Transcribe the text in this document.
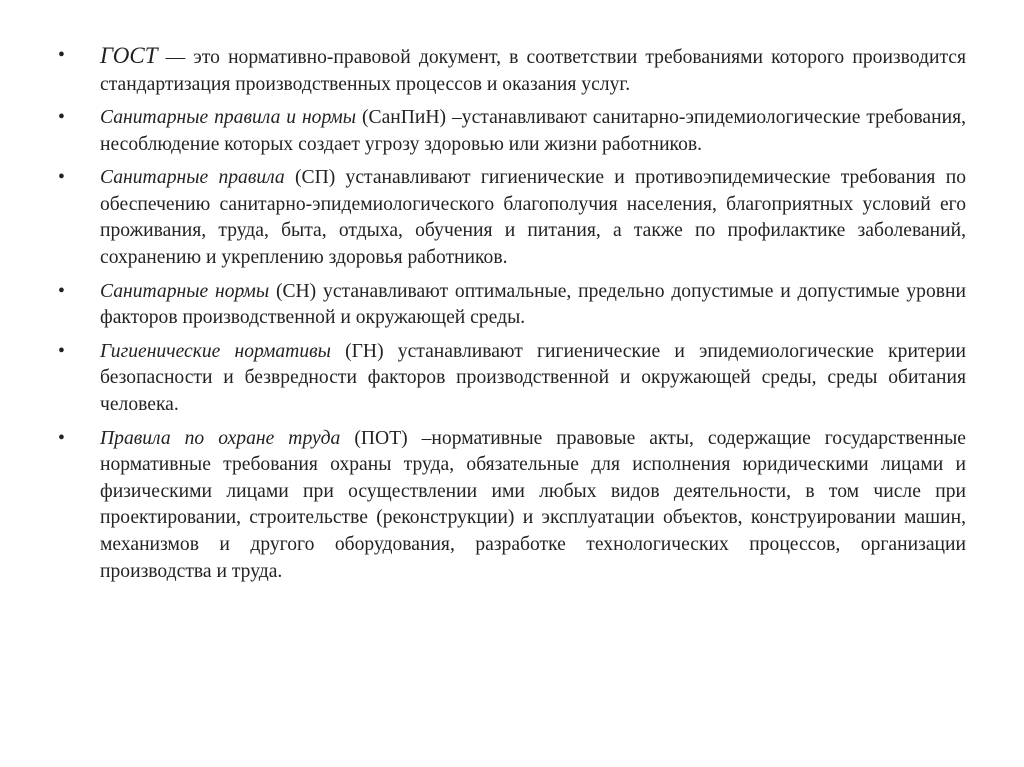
•	ГОСТ — это нормативно-правовой документ, в соответствии требованиями которого производится стандартизация производственных процессов и оказания услуг.
•	Санитарные правила и нормы (СанПиН) –устанавливают санитарно-эпидемиологические требования, несоблюдение которых создает угрозу здоровью или жизни работников.
•	Санитарные правила (СП) устанавливают гигиенические и противоэпидемические требования по обеспечению санитарно-эпидемиологического благополучия населения, благоприятных условий его проживания, труда, быта, отдыха, обучения и питания, а также по профилактике заболеваний, сохранению и укреплению здоровья работников.
•	Санитарные нормы (СН) устанавливают оптимальные, предельно допустимые и допустимые уровни факторов производственной и окружающей среды.
•	Гигиенические нормативы (ГН) устанавливают гигиенические и эпидемиологические критерии безопасности и безвредности факторов производственной и окружающей среды, среды обитания человека.
•	Правила по охране труда (ПОТ) –нормативные правовые акты, содержащие государственные нормативные требования охраны труда, обязательные для исполнения юридическими лицами и физическими лицами при осуществлении ими любых видов деятельности, в том числе при проектировании, строительстве (реконструкции) и эксплуатации объектов, конструировании машин, механизмов и другого оборудования, разработке технологических процессов, организации производства и труда.
